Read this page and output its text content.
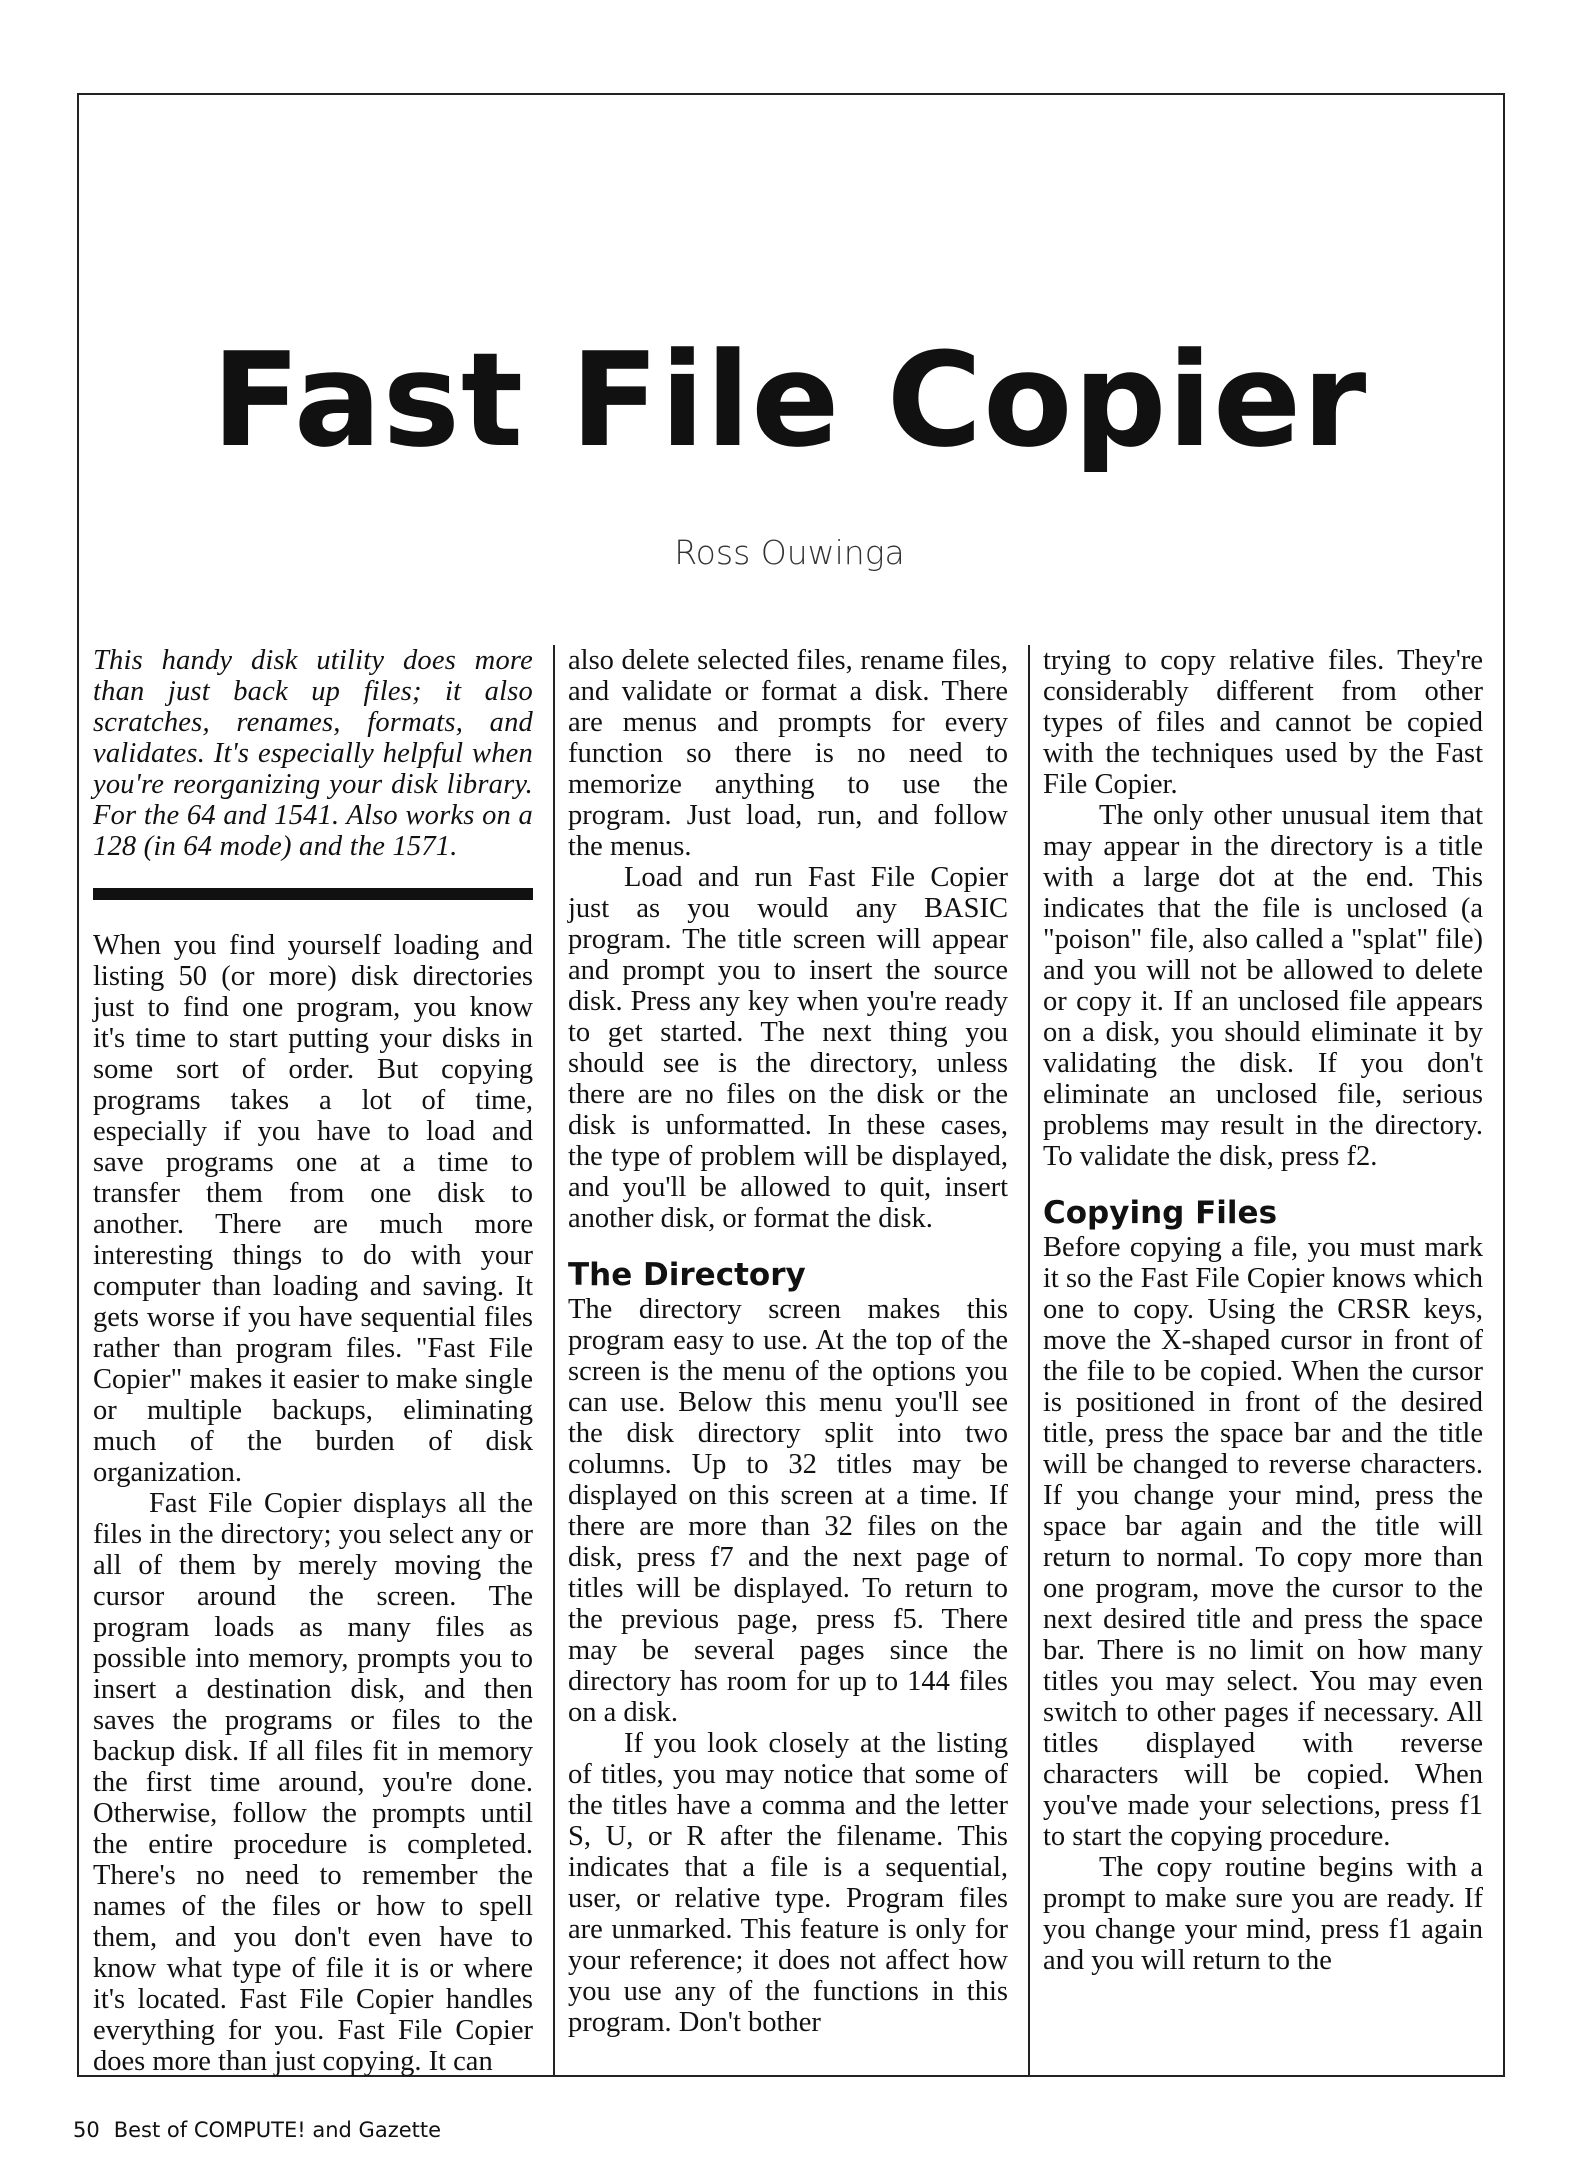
Fast File Copier

Ross Ouwinga

This handy disk utility does more than just back up files; it also scratches, renames, formats, and validates. It's especially helpful when you're reorganizing your disk library. For the 64 and 1541. Also works on a 128 (in 64 mode) and the 1571.

When you find yourself loading and listing 50 (or more) disk directories just to find one program, you know it's time to start putting your disks in some sort of order. But copying programs takes a lot of time, especially if you have to load and save programs one at a time to transfer them from one disk to another. There are much more interesting things to do with your computer than loading and saving. It gets worse if you have sequential files rather than program files. "Fast File Copier" makes it easier to make single or multiple backups, eliminating much of the burden of disk organization.

Fast File Copier displays all the files in the directory; you select any or all of them by merely moving the cursor around the screen. The program loads as many files as possible into memory, prompts you to insert a destination disk, and then saves the programs or files to the backup disk. If all files fit in memory the first time around, you're done. Otherwise, follow the prompts until the entire procedure is completed. There's no need to remember the names of the files or how to spell them, and you don't even have to know what type of file it is or where it's located. Fast File Copier handles everything for you. Fast File Copier does more than just copying. It can

also delete selected files, rename files, and validate or format a disk. There are menus and prompts for every function so there is no need to memorize anything to use the program. Just load, run, and follow the menus.

Load and run Fast File Copier just as you would any BASIC program. The title screen will appear and prompt you to insert the source disk. Press any key when you're ready to get started. The next thing you should see is the directory, unless there are no files on the disk or the disk is unformatted. In these cases, the type of problem will be displayed, and you'll be allowed to quit, insert another disk, or format the disk.

The Directory

The directory screen makes this program easy to use. At the top of the screen is the menu of the options you can use. Below this menu you'll see the disk directory split into two columns. Up to 32 titles may be displayed on this screen at a time. If there are more than 32 files on the disk, press f7 and the next page of titles will be displayed. To return to the previous page, press f5. There may be several pages since the directory has room for up to 144 files on a disk.

If you look closely at the listing of titles, you may notice that some of the titles have a comma and the letter S, U, or R after the filename. This indicates that a file is a sequential, user, or relative type. Program files are unmarked. This feature is only for your reference; it does not affect how you use any of the functions in this program. Don't bother

trying to copy relative files. They're considerably different from other types of files and cannot be copied with the techniques used by the Fast File Copier.

The only other unusual item that may appear in the directory is a title with a large dot at the end. This indicates that the file is unclosed (a "poison" file, also called a "splat" file) and you will not be allowed to delete or copy it. If an unclosed file appears on a disk, you should eliminate it by validating the disk. If you don't eliminate an unclosed file, serious problems may result in the directory. To validate the disk, press f2.

Copying Files

Before copying a file, you must mark it so the Fast File Copier knows which one to copy. Using the CRSR keys, move the X-shaped cursor in front of the file to be copied. When the cursor is positioned in front of the desired title, press the space bar and the title will be changed to reverse characters. If you change your mind, press the space bar again and the title will return to normal. To copy more than one program, move the cursor to the next desired title and press the space bar. There is no limit on how many titles you may select. You may even switch to other pages if necessary. All titles displayed with reverse characters will be copied. When you've made your selections, press f1 to start the copying procedure.

The copy routine begins with a prompt to make sure you are ready. If you change your mind, press f1 again and you will return to the

50 Best of COMPUTE! and Gazette
